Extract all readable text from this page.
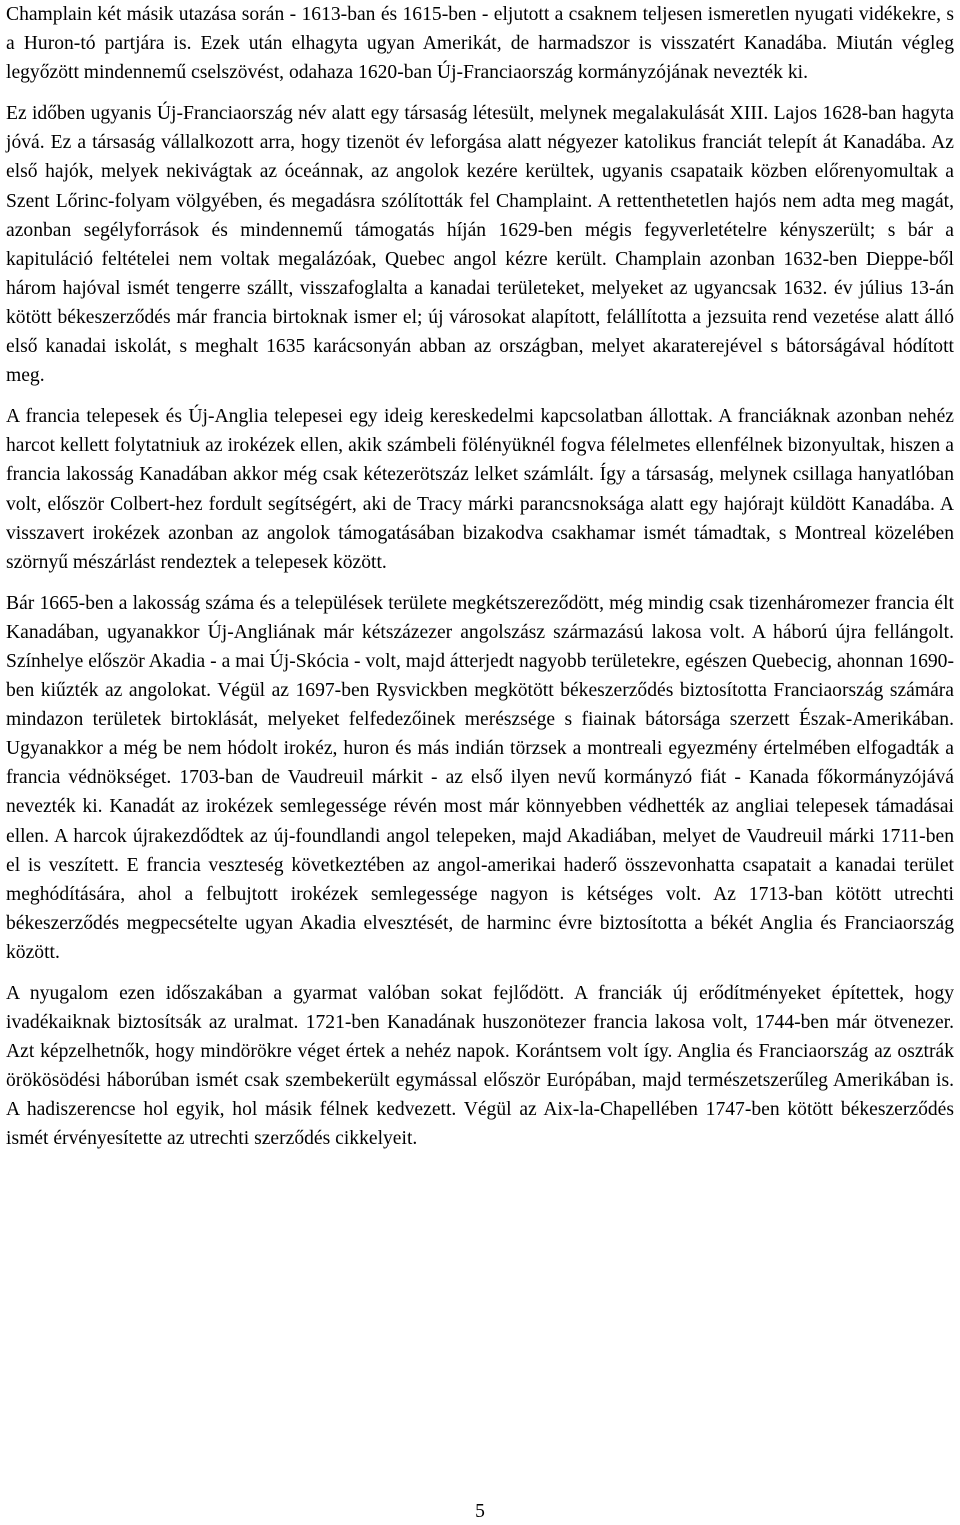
Champlain két másik utazása során - 1613-ban és 1615-ben - eljutott a csaknem teljesen ismeretlen nyugati vidékekre, s a Huron-tó partjára is. Ezek után elhagyta ugyan Amerikát, de harmadszor is visszatért Kanadába. Miután végleg legyőzött mindennemű cselszövést, odahaza 1620-ban Új-Franciaország kormányzójának nevezték ki.

Ez időben ugyanis Új-Franciaország név alatt egy társaság létesült, melynek megalakulását XIII. Lajos 1628-ban hagyta jóvá. Ez a társaság vállalkozott arra, hogy tizenöt év leforgása alatt négyezer katolikus franciát telepít át Kanadába. Az első hajók, melyek nekivágtak az óceánnak, az angolok kezére kerültek, ugyanis csapataik közben előrenyomultak a Szent Lőrinc-folyam völgyében, és megadásra szólították fel Champlaint. A rettenthetetlen hajós nem adta meg magát, azonban segélyforrások és mindennemű támogatás híján 1629-ben mégis fegyverletételre kényszerült; s bár a kapituláció feltételei nem voltak megalázóak, Quebec angol kézre került. Champlain azonban 1632-ben Dieppe-ből három hajóval ismét tengerre szállt, visszafoglalta a kanadai területeket, melyeket az ugyancsak 1632. év július 13-án kötött békeszerződés már francia birtoknak ismer el; új városokat alapított, felállította a jezsuita rend vezetése alatt álló első kanadai iskolát, s meghalt 1635 karácsonyán abban az országban, melyet akaraterejével s bátorságával hódított meg.

A francia telepesek és Új-Anglia telepesei egy ideig kereskedelmi kapcsolatban állottak. A franciáknak azonban nehéz harcot kellett folytatniuk az irokézek ellen, akik számbeli fölényüknél fogva félelmetes ellenfélnek bizonyultak, hiszen a francia lakosság Kanadában akkor még csak kétezerötszáz lelket számlált. Így a társaság, melynek csillaga hanyatlóban volt, először Colbert-hez fordult segítségért, aki de Tracy márki parancsnoksága alatt egy hajórajt küldött Kanadába. A visszavert irokézek azonban az angolok támogatásában bizakodva csakhamar ismét támadtak, s Montreal közelében szörnyű mészárlást rendeztek a telepesek között.

Bár 1665-ben a lakosság száma és a települések területe megkétszereződött, még mindig csak tizenháromezer francia élt Kanadában, ugyanakkor Új-Angliának már kétszázezer angolszász származású lakosa volt. A háború újra fellángolt. Színhelye először Akadia - a mai Új-Skócia - volt, majd átterjedt nagyobb területekre, egészen Quebecig, ahonnan 1690-ben kiűzték az angolokat. Végül az 1697-ben Rysvickben megkötött békeszerződés biztosította Franciaország számára mindazon területek birtoklását, melyeket felfedezőinek merészsége s fiainak bátorsága szerzett Észak-Amerikában. Ugyanakkor a még be nem hódolt irokéz, huron és más indián törzsek a montreali egyezmény értelmében elfogadták a francia védnökséget. 1703-ban de Vaudreuil márkit - az első ilyen nevű kormányzó fiát - Kanada főkormányzójává nevezték ki. Kanadát az irokézek semlegessége révén most már könnyebben védhették az angliai telepesek támadásai ellen. A harcok újrakezdődtek az új-foundlandi angol telepeken, majd Akadiában, melyet de Vaudreuil márki 1711-ben el is veszített. E francia veszteség következtében az angol-amerikai haderő összevonhatta csapatait a kanadai terület meghódítására, ahol a felbujtott irokézek semlegessége nagyon is kétséges volt. Az 1713-ban kötött utrechti békeszerződés megpecsételte ugyan Akadia elvesztését, de harminc évre biztosította a békét Anglia és Franciaország között.

A nyugalom ezen időszakában a gyarmat valóban sokat fejlődött. A franciák új erődítményeket építettek, hogy ivadékaiknak biztosítsák az uralmat. 1721-ben Kanadának huszonötezer francia lakosa volt, 1744-ben már ötvenezer. Azt képzelhetnők, hogy mindörökre véget értek a nehéz napok. Korántsem volt így. Anglia és Franciaország az osztrák örökösödési háborúban ismét csak szembekerült egymással először Európában, majd természetszerűleg Amerikában is. A hadiszerencse hol egyik, hol másik félnek kedvezett. Végül az Aix-la-Chapellében 1747-ben kötött békeszerződés ismét érvényesítette az utrechti szerződés cikkelyeit.

5
